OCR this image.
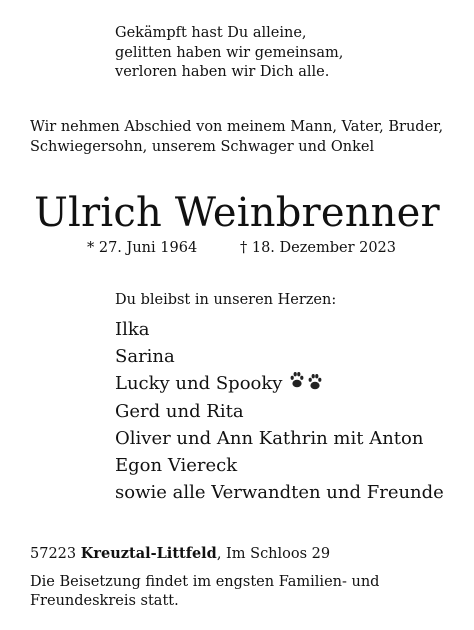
Gekämpft hast Du alleine,
gelitten haben wir gemeinsam,
verloren haben wir Dich alle.
Wir nehmen Abschied von meinem Mann, Vater, Bruder,
Schwiegersohn, unserem Schwager und Onkel
Ulrich Weinbrenner
* 27. Juni 1964	† 18. Dezember 2023
Du bleibst in unseren Herzen:
Ilka
Sarina
Lucky und Spooky
Gerd und Rita
Oliver und Ann Kathrin mit Anton
Egon Viereck
sowie alle Verwandten und Freunde
57223 Kreuztal-Littfeld, Im Schloos 29
Die Beisetzung findet im engsten Familien- und
Freundeskreis statt.
